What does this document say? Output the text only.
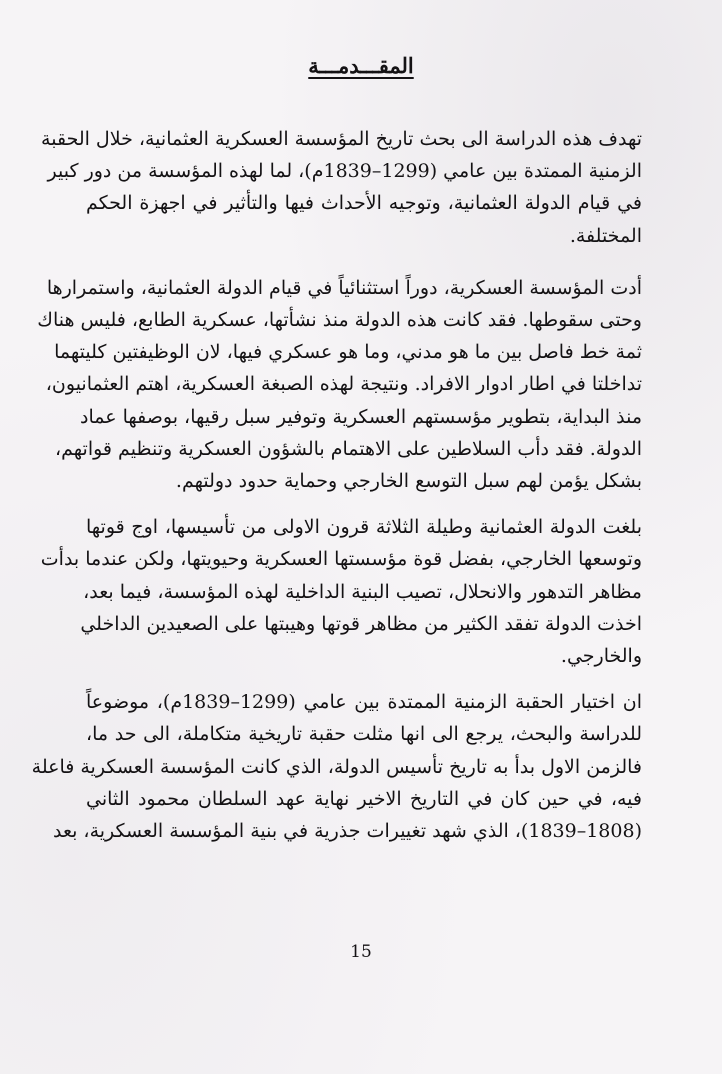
المقـــدمـــة

تهدف هذه الدراسة الى بحث تاريخ المؤسسة العسكرية العثمانية، خلال الحقبة
الزمنية الممتدة بين عامي (1299–1839م)، لما لهذه المؤسسة من دور كبير
في قيام الدولة العثمانية، وتوجيه الأحداث فيها والتأثير في اجهزة الحكم
المختلفة.

أدت المؤسسة العسكرية، دوراً استثنائياً في قيام الدولة العثمانية، واستمرارها
وحتى سقوطها. فقد كانت هذه الدولة منذ نشأتها، عسكرية الطابع، فليس هناك
ثمة خط فاصل بين ما هو مدني، وما هو عسكري فيها، لان الوظيفتين كليتهما
تداخلتا في اطار ادوار الافراد. ونتيجة لهذه الصبغة العسكرية، اهتم العثمانيون،
منذ البداية، بتطوير مؤسستهم العسكرية وتوفير سبل رقيها، بوصفها عماد
الدولة. فقد دأب السلاطين على الاهتمام بالشؤون العسكرية وتنظيم قواتهم،
بشكل يؤمن لهم سبل التوسع الخارجي وحماية حدود دولتهم.

بلغت الدولة العثمانية وطيلة الثلاثة قرون الاولى من تأسيسها، اوج قوتها
وتوسعها الخارجي، بفضل قوة مؤسستها العسكرية وحيويتها، ولكن عندما بدأت
مظاهر التدهور والانحلال، تصيب البنية الداخلية لهذه المؤسسة، فيما بعد،
اخذت الدولة تفقد الكثير من مظاهر قوتها وهيبتها على الصعيدين الداخلي
والخارجي.

ان اختيار الحقبة الزمنية الممتدة بين عامي (1299–1839م)، موضوعاً
للدراسة والبحث، يرجع الى انها مثلت حقبة تاريخية متكاملة، الى حد ما،
فالزمن الاول بدأ به تاريخ تأسيس الدولة، الذي كانت المؤسسة العسكرية فاعلة
فيه، في حين كان في التاريخ الاخير نهاية عهد السلطان محمود الثاني
(1808–1839)، الذي شهد تغييرات جذرية في بنية المؤسسة العسكرية، بعد

15
